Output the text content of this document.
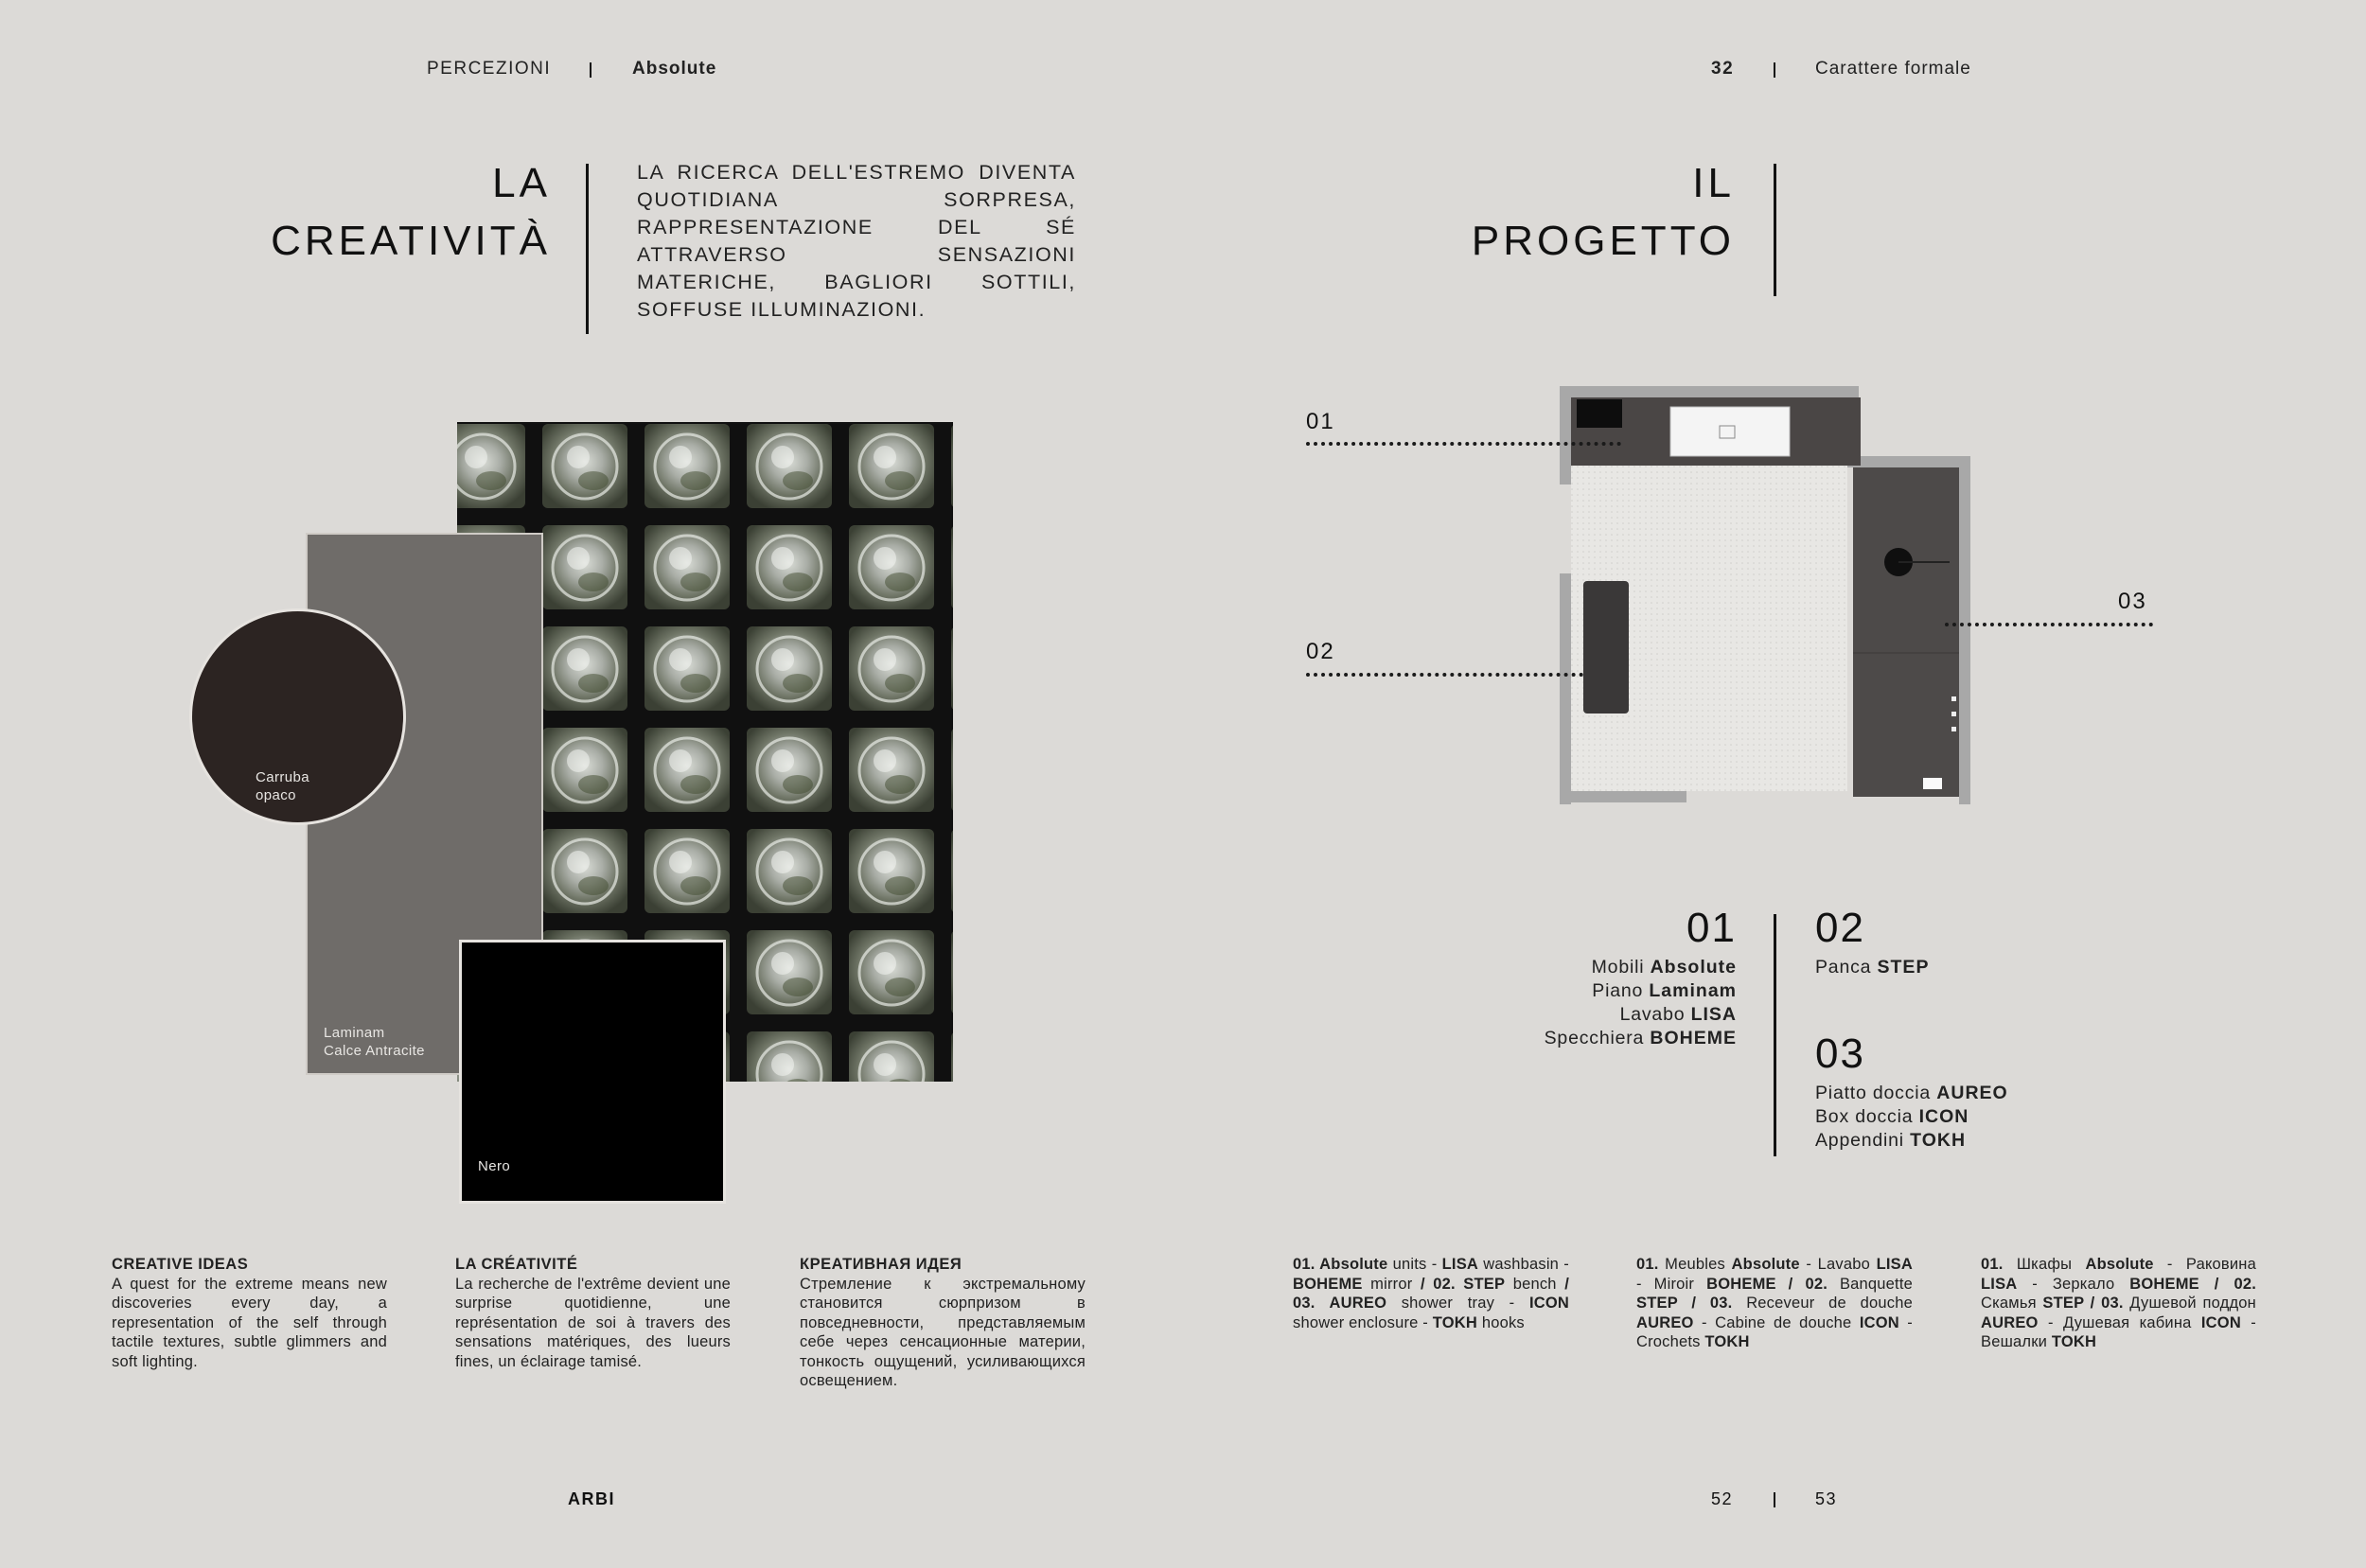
PERCEZIONI	Absolute	32	Carattere formale
LA
CREATIVITÀ
LA RICERCA DELL'ESTREMO DIVENTA QUOTIDIANA SORPRESA, RAPPRESENTAZIONE DEL SÉ ATTRAVERSO SENSAZIONI MATERICHE, BAGLIORI SOTTILI, SOFFUSE ILLUMINAZIONI.
IL
PROGETTO
Laminam
Calce Antracite
Carruba
opaco
Nero
CREATIVE IDEAS
A quest for the extreme means new discoveries every day, a representation of the self through tactile textures, subtle glimmers and soft lighting.
LA CRÉATIVITÉ
La recherche de l'extrême devient une surprise quotidienne, une représentation de soi à travers des sensations matériques, des lueurs fines, un éclairage tamisé.
КРЕАТИВНАЯ ИДЕЯ
Стремление к экстремальному становится сюрпризом в повседневности, представляемым себе через сенсационные материи, тонкость ощущений, усиливающихся освещением.
01
02
03
01
Mobili Absolute
Piano Laminam
Lavabo LISA
Specchiera BOHEME
02
Panca STEP
03
Piatto doccia AUREO
Box doccia ICON
Appendini TOKH
01. Absolute units - LISA washbasin - BOHEME mirror / 02. STEP bench / 03. AUREO shower tray - ICON shower enclosure - TOKH hooks
01. Meubles Absolute - Lavabo LISA - Miroir BOHEME / 02. Banquette STEP / 03. Receveur de douche AUREO - Cabine de douche ICON - Crochets TOKH
01. Шкафы Absolute - Раковина LISA - Зеркало BOHEME / 02. Скамья STEP / 03. Душевой поддон AUREO - Душевая кабина ICON - Вешалки TOKH
ARBI	52	53
